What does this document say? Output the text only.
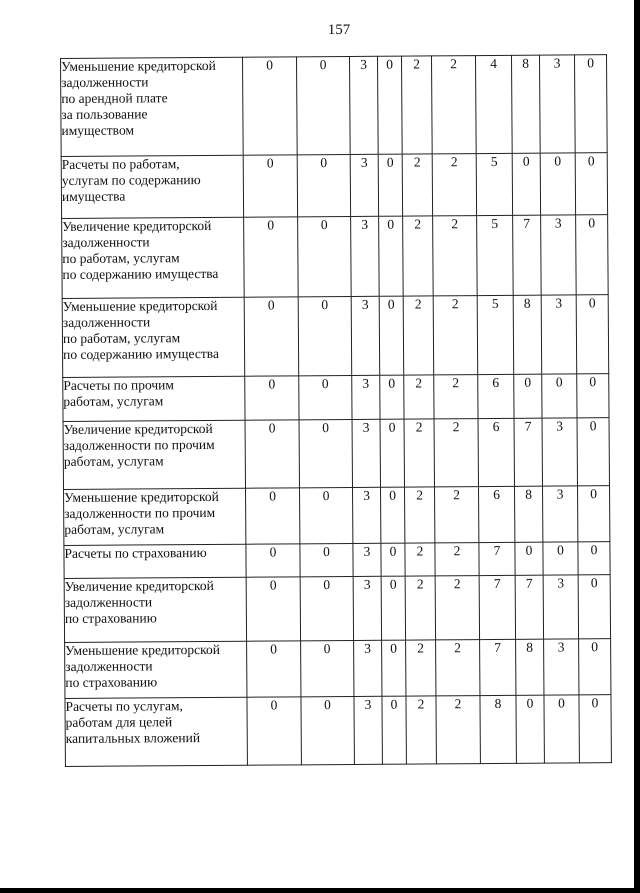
157
Уменьшение кредиторской
задолженности
по арендной плате
за пользование
имуществом	0	0	3	0	2	2	4	8	3	0
Расчеты по работам,
услугам по содержанию
имущества	0	0	3	0	2	2	5	0	0	0
Увеличение кредиторской
задолженности
по работам, услугам
по содержанию имущества	0	0	3	0	2	2	5	7	3	0
Уменьшение кредиторской
задолженности
по работам, услугам
по содержанию имущества	0	0	3	0	2	2	5	8	3	0
Расчеты по прочим
работам, услугам	0	0	3	0	2	2	6	0	0	0
Увеличение кредиторской
задолженности по прочим
работам, услугам	0	0	3	0	2	2	6	7	3	0
Уменьшение кредиторской
задолженности по прочим
работам, услугам	0	0	3	0	2	2	6	8	3	0
Расчеты по страхованию	0	0	3	0	2	2	7	0	0	0
Увеличение кредиторской
задолженности
по страхованию	0	0	3	0	2	2	7	7	3	0
Уменьшение кредиторской
задолженности
по страхованию	0	0	3	0	2	2	7	8	3	0
Расчеты по услугам,
работам для целей
капитальных вложений	0	0	3	0	2	2	8	0	0	0
